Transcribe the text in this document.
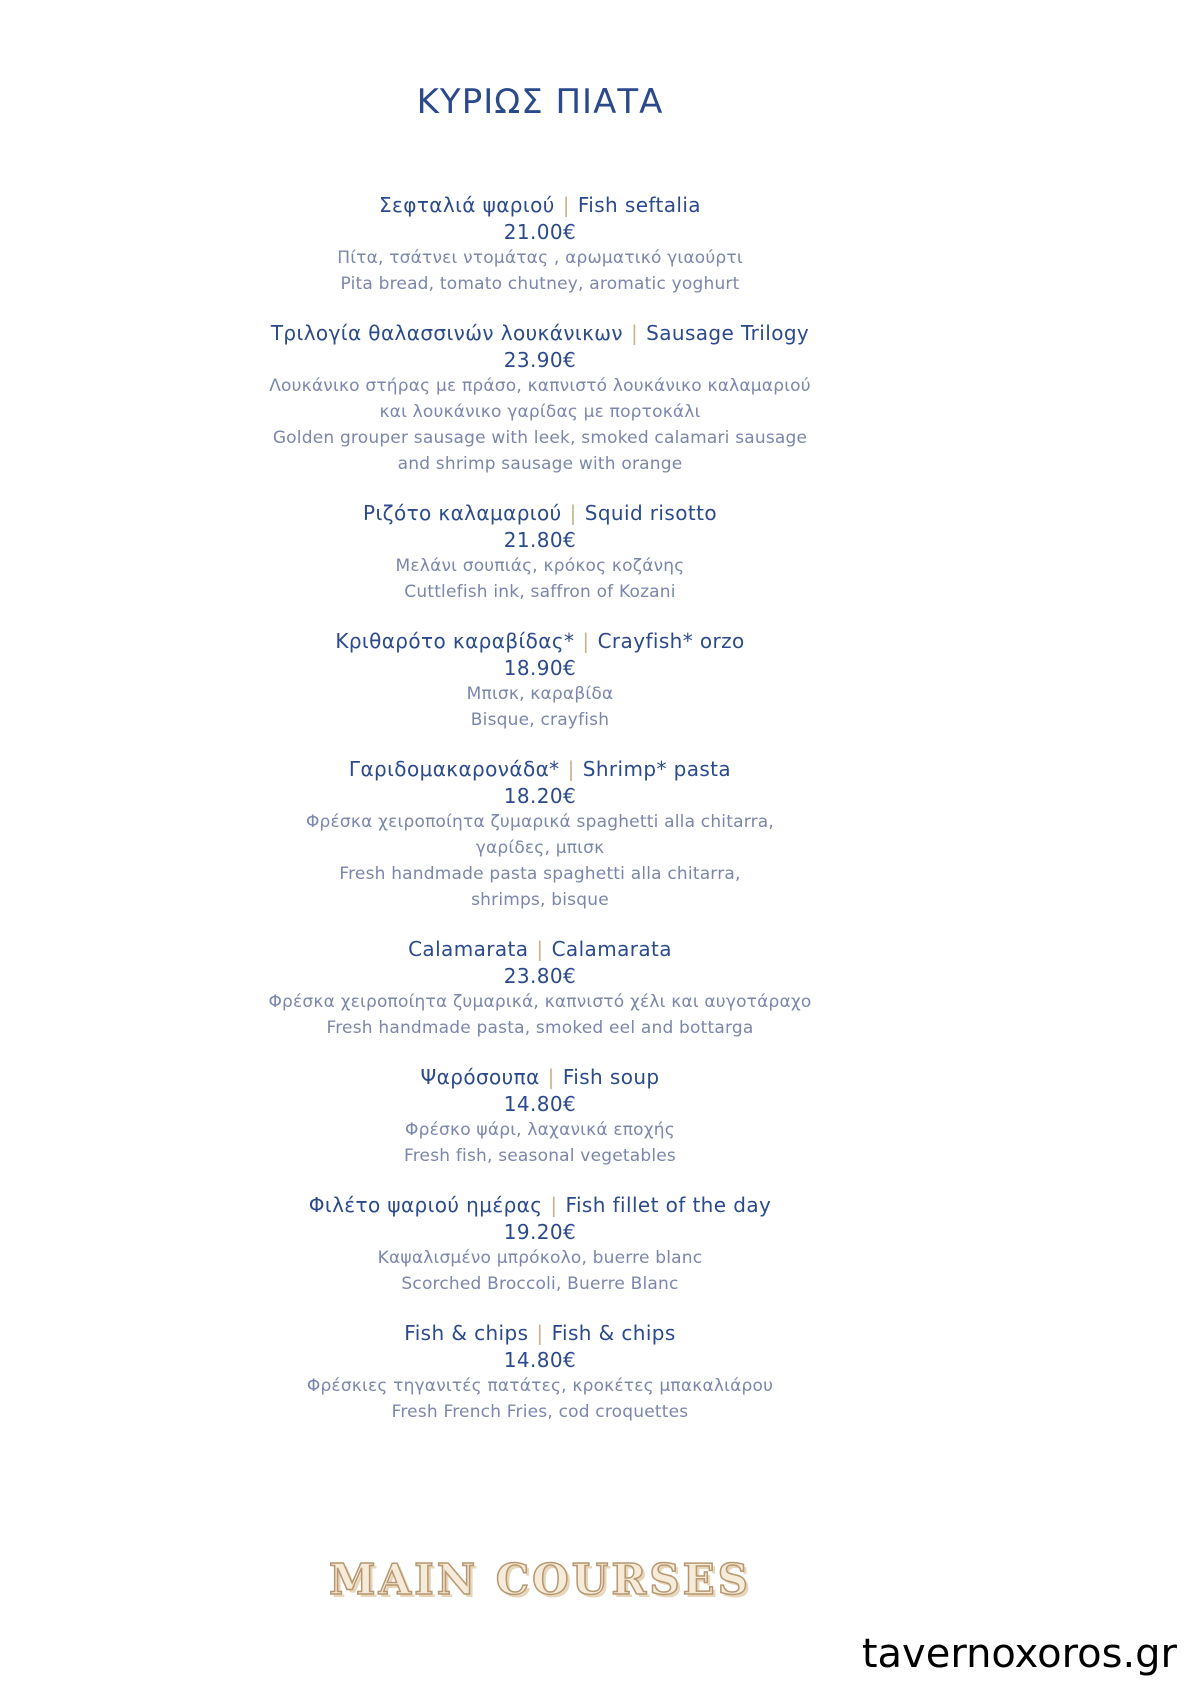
ΚΥΡΙΩΣ ΠΙΑΤΑ
Σεφταλιά ψαριού | Fish seftalia
21.00€
Πίτα, τσάτνει ντομάτας , αρωματικό γιαούρτι
Pita bread, tomato chutney, aromatic yoghurt
Τριλογία θαλασσινών λουκάνικων | Sausage Trilogy
23.90€
Λουκάνικο στήρας με πράσο, καπνιστό λουκάνικο καλαμαριού
και λουκάνικο γαρίδας με πορτοκάλι
Golden grouper sausage with leek, smoked calamari sausage
and shrimp sausage with orange
Ριζότο καλαμαριού | Squid risotto
21.80€
Μελάνι σουπιάς, κρόκος κοζάνης
Cuttlefish ink, saffron of Kozani
Κριθαρότο καραβίδας* | Crayfish* orzo
18.90€
Μπισκ, καραβίδα
Bisque, crayfish
Γαριδομακαρονάδα* | Shrimp* pasta
18.20€
Φρέσκα χειροποίητα ζυμαρικά spaghetti alla chitarra,
γαρίδες, μπισκ
Fresh handmade pasta spaghetti alla chitarra,
shrimps, bisque
Calamarata | Calamarata
23.80€
Φρέσκα χειροποίητα ζυμαρικά, καπνιστό χέλι και αυγοτάραχο
Fresh handmade pasta, smoked eel and bottarga
Ψαρόσουπα | Fish soup
14.80€
Φρέσκο ψάρι, λαχανικά εποχής
Fresh fish, seasonal vegetables
Φιλέτο ψαριού ημέρας | Fish fillet of the day
19.20€
Καψαλισμένο μπρόκολο, buerre blanc
Scorched Broccoli, Buerre Blanc
Fish & chips | Fish & chips
14.80€
Φρέσκιες τηγανιτές πατάτες, κροκέτες μπακαλιάρου
Fresh French Fries, cod croquettes
MAIN COURSES
tavernoxoros.gr
